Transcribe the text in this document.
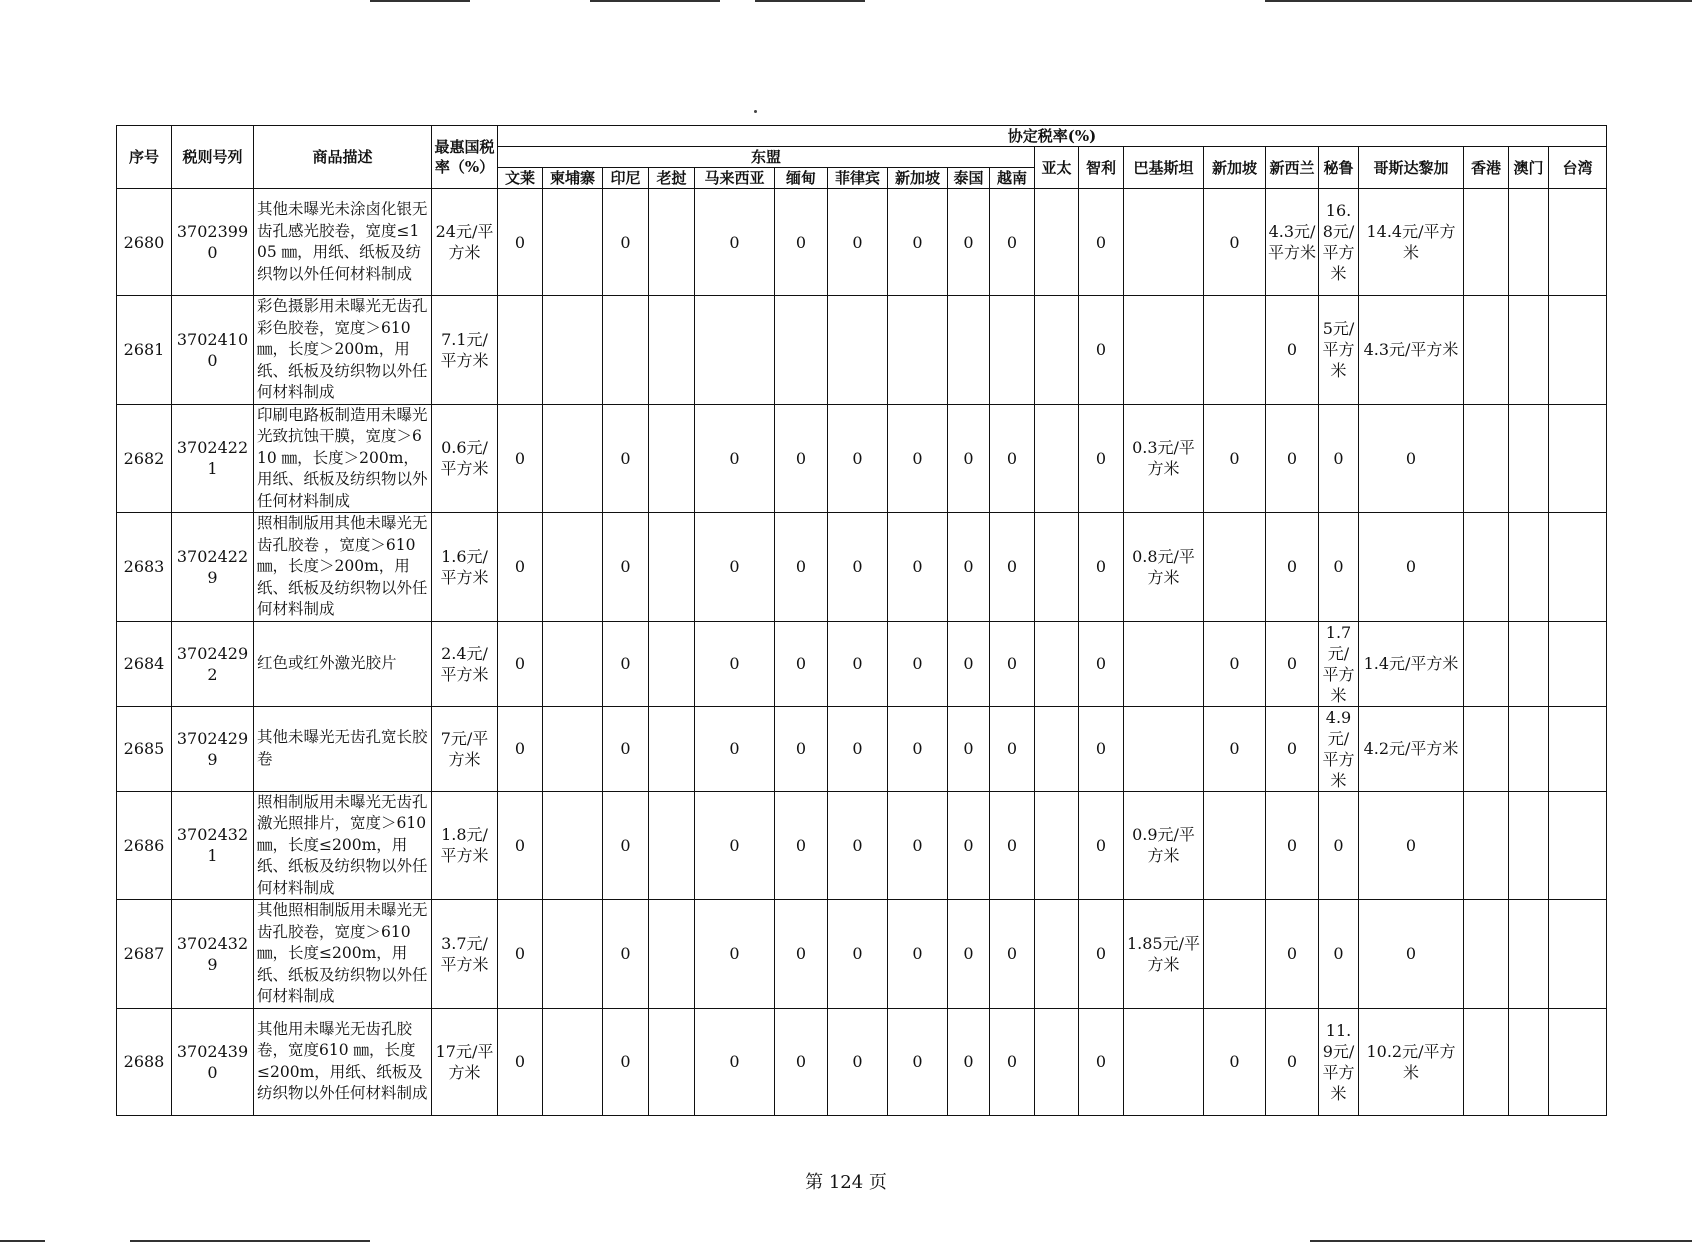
序号	税则号列	商品描述	最惠国税率（%）	协定税率(%)																			
				东盟										亚太	智利	巴基斯坦	新加坡	新西兰	秘鲁	哥斯达黎加	香港	澳门	台湾
				文莱	柬埔寨	印尼	老挝	马来西亚	缅甸	菲律宾	新加坡	泰国	越南										
2680	37023990	其他未曝光未涂卤化银无齿孔感光胶卷，宽度≤105 ㎜，用纸、纸板及纺织物以外任何材料制成	24元/平方米	0		0		0	0	0	0	0	0		0		0	4.3元/平方米	16.8元/平方米	14.4元/平方米			
2681	37024100	彩色摄影用未曝光无齿孔彩色胶卷，宽度＞610 ㎜，长度＞200m，用纸、纸板及纺织物以外任何材料制成	7.1元/平方米												0			0	5元/平方米	4.3元/平方米			
2682	37024221	印刷电路板制造用未曝光光致抗蚀干膜，宽度＞610 ㎜，长度＞200m，用纸、纸板及纺织物以外任何材料制成	0.6元/平方米	0		0		0	0	0	0	0	0		0	0.3元/平方米	0	0	0	0			
2683	37024229	照相制版用其他未曝光无齿孔胶卷 ，宽度＞610 ㎜，长度＞200m，用纸、纸板及纺织物以外任何材料制成	1.6元/平方米	0		0		0	0	0	0	0	0		0	0.8元/平方米		0	0	0			
2684	37024292	红色或红外激光胶片	2.4元/平方米	0		0		0	0	0	0	0	0		0		0	0	1.7元/平方米	1.4元/平方米			
2685	37024299	其他未曝光无齿孔宽长胶卷	7元/平方米	0		0		0	0	0	0	0	0		0		0	0	4.9元/平方米	4.2元/平方米			
2686	37024321	照相制版用未曝光无齿孔激光照排片，宽度＞610 ㎜，长度≤200m，用纸、纸板及纺织物以外任何材料制成	1.8元/平方米	0		0		0	0	0	0	0	0		0	0.9元/平方米		0	0	0			
2687	37024329	其他照相制版用未曝光无齿孔胶卷，宽度＞610 ㎜，长度≤200m，用纸、纸板及纺织物以外任何材料制成	3.7元/平方米	0		0		0	0	0	0	0	0		0	1.85元/平方米		0	0	0			
2688	37024390	其他用未曝光无齿孔胶卷，宽度610 ㎜，长度≤200m，用纸、纸板及纺织物以外任何材料制成	17元/平方米	0		0		0	0	0	0	0	0		0		0	0	11.9元/平方米	10.2元/平方米			
第 124 页
